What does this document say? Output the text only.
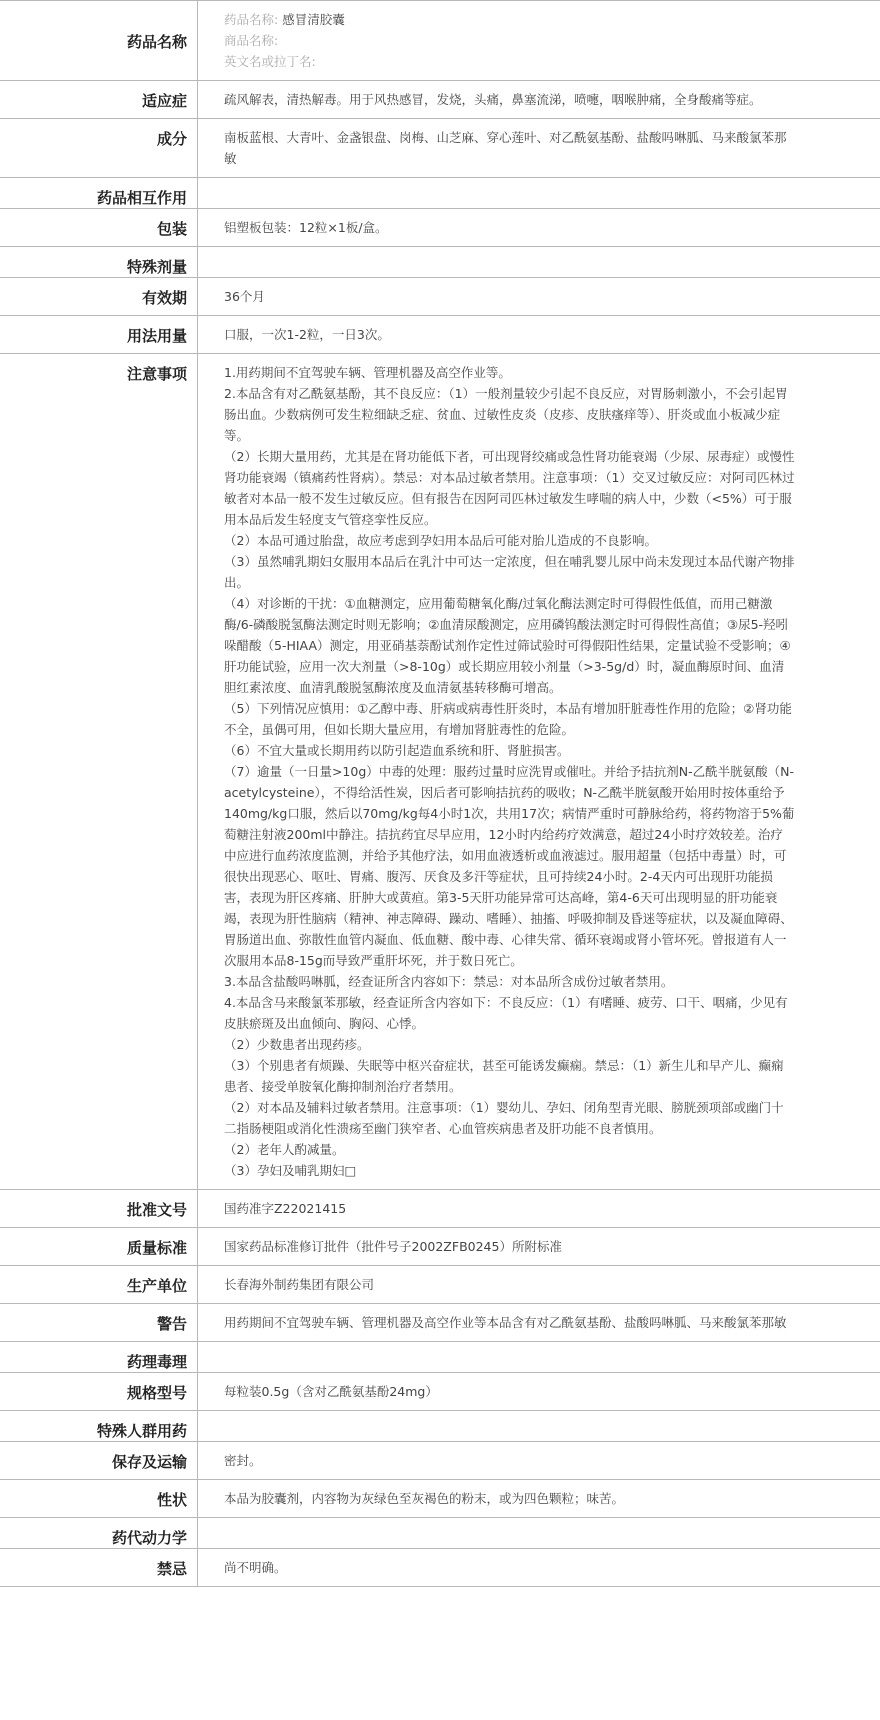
药品名称
药品名称: 感冒清胶囊
商品名称:
英文名或拉丁名:
适应症	疏风解表，清热解毒。用于风热感冒，发烧，头痛，鼻塞流涕，喷嚏，咽喉肿痛，全身酸痛等症。
成分	南板蓝根、大青叶、金盏银盘、岗梅、山芝麻、穿心莲叶、对乙酰氨基酚、盐酸吗啉胍、马来酸氯苯那敏
药品相互作用
包装	铝塑板包装：12粒×1板/盒。
特殊剂量
有效期	36个月
用法用量	口服，一次1-2粒，一日3次。
注意事项	1.用药期间不宜驾驶车辆、管理机器及高空作业等。

2.本品含有对乙酰氨基酚，其不良反应：（1）一般剂量较少引起不良反应，对胃肠刺激小，不会引起胃肠出血。少数病例可发生粒细缺乏症、贫血、过敏性皮炎（皮疹、皮肤瘙痒等）、肝炎或血小板减少症等。

（2）长期大量用药，尤其是在肾功能低下者，可出现肾绞痛或急性肾功能衰竭（少尿、尿毒症）或慢性肾功能衰竭（镇痛药性肾病）。禁忌：对本品过敏者禁用。注意事项：（1）交叉过敏反应：对阿司匹林过敏者对本品一般不发生过敏反应。但有报告在因阿司匹林过敏发生哮喘的病人中，少数（<5%）可于服用本品后发生轻度支气管痉挛性反应。

（2）本品可通过胎盘，故应考虑到孕妇用本品后可能对胎儿造成的不良影响。

（3）虽然哺乳期妇女服用本品后在乳汁中可达一定浓度，但在哺乳婴儿尿中尚未发现过本品代谢产物排出。

（4）对诊断的干扰：①血糖测定，应用葡萄糖氧化酶/过氧化酶法测定时可得假性低值，而用己糖激酶/6-磷酸脱氢酶法测定时则无影响；②血清尿酸测定，应用磷钨酸法测定时可得假性高值；③尿5-羟吲哚醋酸（5-HIAA）测定，用亚硝基萘酚试剂作定性过筛试验时可得假阳性结果，定量试验不受影响；④肝功能试验，应用一次大剂量（>8-10g）或长期应用较小剂量（>3-5g/d）时，凝血酶原时间、血清胆红素浓度、血清乳酸脱氢酶浓度及血清氨基转移酶可增高。

（5）下列情况应慎用：①乙醇中毒、肝病或病毒性肝炎时，本品有增加肝脏毒性作用的危险；②肾功能不全，虽偶可用，但如长期大量应用，有增加肾脏毒性的危险。

（6）不宜大量或长期用药以防引起造血系统和肝、肾脏损害。

（7）逾量（一日量>10g）中毒的处理：服药过量时应洗胃或催吐。并给予拮抗剂N-乙酰半胱氨酸（N-acetylcysteine），不得给活性炭，因后者可影响拮抗药的吸收；N-乙酰半胱氨酸开始用时按体重给予140mg/kg口服，然后以70mg/kg每4小时1次，共用17次；病情严重时可静脉给药，将药物溶于5%葡萄糖注射液200ml中静注。拮抗药宜尽早应用，12小时内给药疗效满意，超过24小时疗效较差。治疗中应进行血药浓度监测，并给予其他疗法，如用血液透析或血液滤过。服用超量（包括中毒量）时，可很快出现恶心、呕吐、胃痛、腹泻、厌食及多汗等症状，且可持续24小时。2-4天内可出现肝功能损害，表现为肝区疼痛、肝肿大或黄疸。第3-5天肝功能异常可达高峰，第4-6天可出现明显的肝功能衰竭，表现为肝性脑病（精神、神志障碍、躁动、嗜睡）、抽搐、呼吸抑制及昏迷等症状，以及凝血障碍、胃肠道出血、弥散性血管内凝血、低血糖、酸中毒、心律失常、循环衰竭或肾小管坏死。曾报道有人一次服用本品8-15g而导致严重肝坏死，并于数日死亡。

3.本品含盐酸吗啉胍，经查证所含内容如下：禁忌：对本品所含成份过敏者禁用。

4.本品含马来酸氯苯那敏，经查证所含内容如下：不良反应：（1）有嗜睡、疲劳、口干、咽痛，少见有皮肤瘀斑及出血倾向、胸闷、心悸。

（2）少数患者出现药疹。

（3）个别患者有烦躁、失眠等中枢兴奋症状，甚至可能诱发癫痫。禁忌：（1）新生儿和早产儿、癫痫患者、接受单胺氧化酶抑制剂治疗者禁用。

（2）对本品及辅料过敏者禁用。注意事项：（1）婴幼儿、孕妇、闭角型青光眼、膀胱颈项部或幽门十二指肠梗阻或消化性溃疡至幽门狭窄者、心血管疾病患者及肝功能不良者慎用。

（2）老年人酌减量。

（3）孕妇及哺乳期妇□

批准文号	国药准字Z22021415
质量标准	国家药品标准修订批件（批件号子2002ZFB0245）所附标准
生产单位	长春海外制药集团有限公司
警告	用药期间不宜驾驶车辆、管理机器及高空作业等本品含有对乙酰氨基酚、盐酸吗啉胍、马来酸氯苯那敏
药理毒理
规格型号	每粒装0.5g（含对乙酰氨基酚24mg）
特殊人群用药
保存及运输	密封。
性状	本品为胶囊剂，内容物为灰绿色至灰褐色的粉末，或为四色颗粒；味苦。
药代动力学
禁忌	尚不明确。
